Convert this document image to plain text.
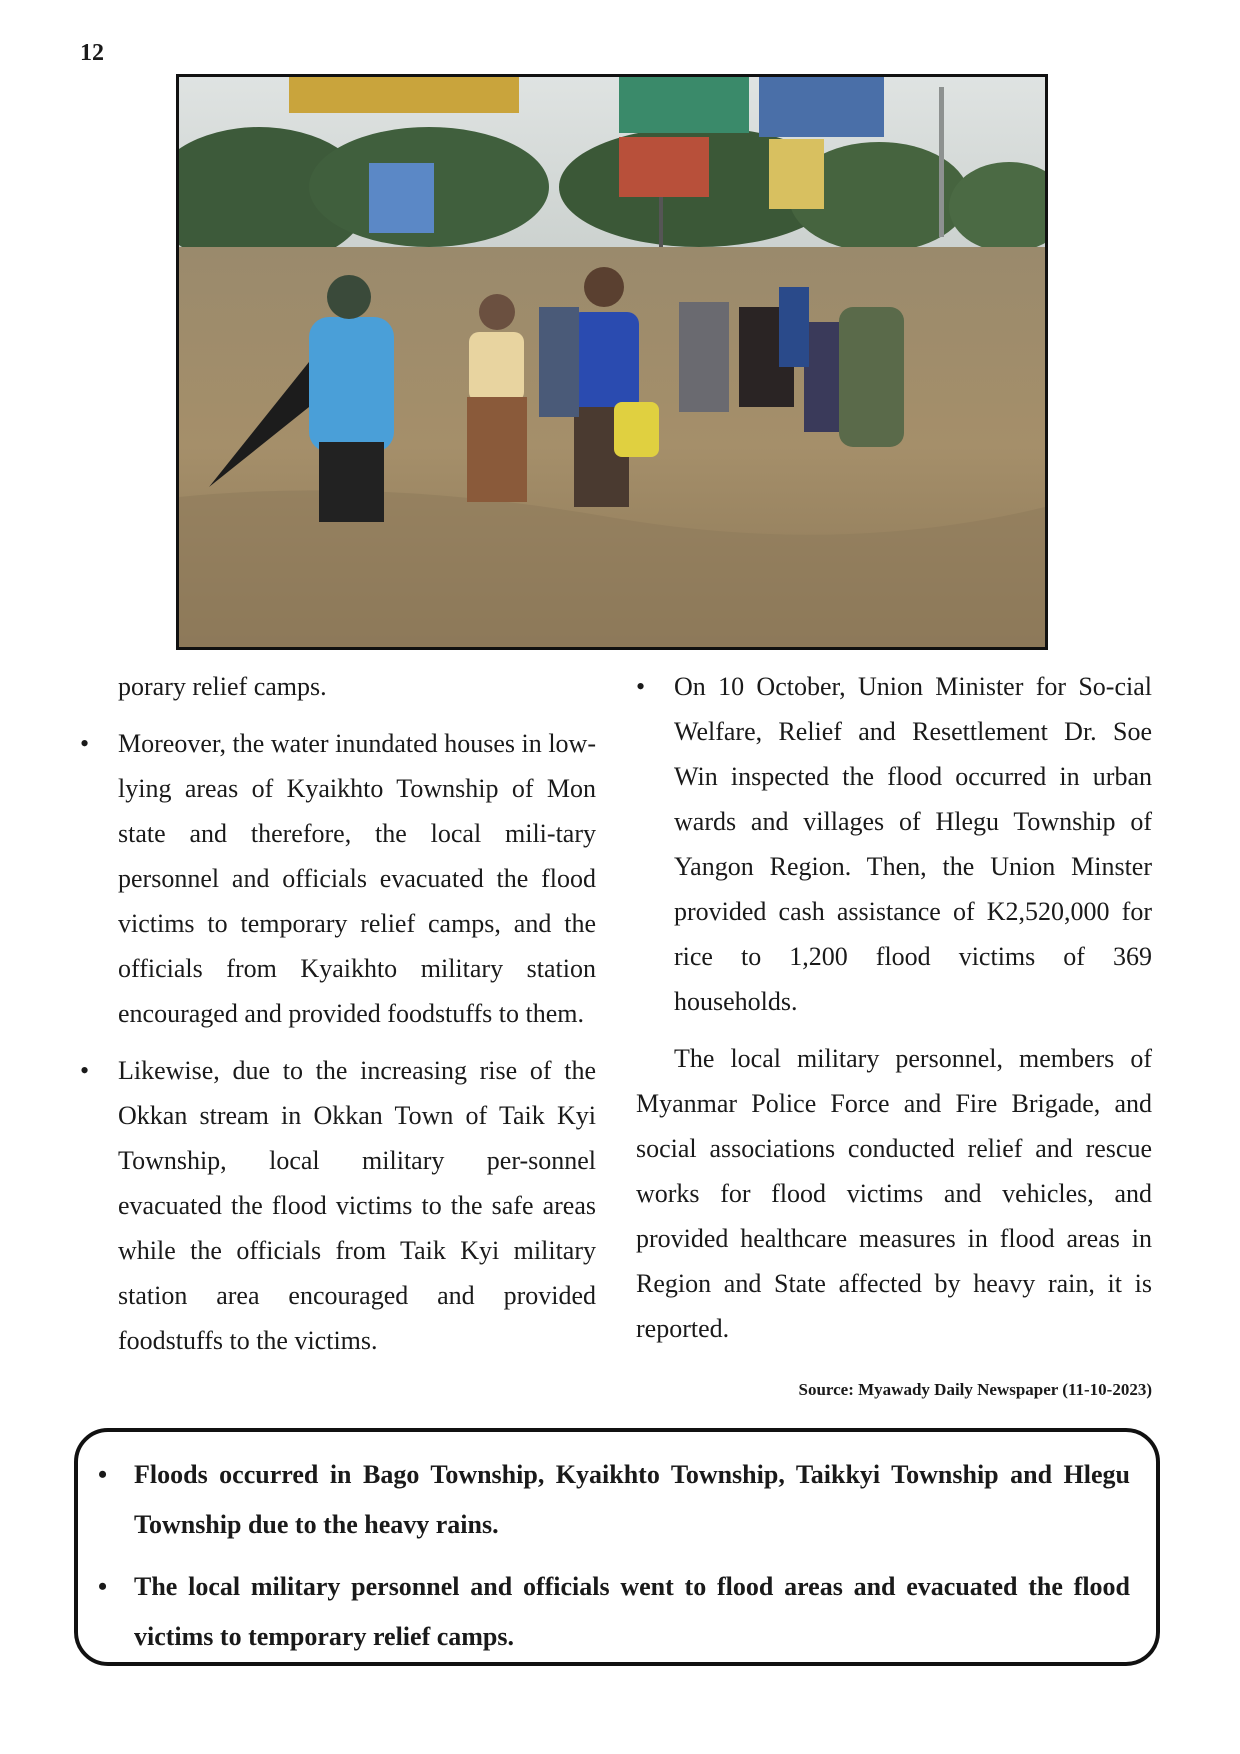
12

porary relief camps.

• Moreover, the water inundated houses in low-lying areas of Kyaikhto Township of Mon state and therefore, the local mili-tary personnel and officials evacuated the flood victims to temporary relief camps, and the officials from Kyaikhto military station encouraged and provided foodstuffs to them.

• Likewise, due to the increasing rise of the Okkan stream in Okkan Town of Taik Kyi Township, local military per-sonnel evacuated the flood victims to the safe areas while the officials from Taik Kyi military station area encouraged and provided foodstuffs to the victims.

• On 10 October, Union Minister for So-cial Welfare, Relief and Resettlement Dr. Soe Win inspected the flood occurred in urban wards and villages of Hlegu Township of Yangon Region. Then, the Union Minster provided cash assistance of K2,520,000 for rice to 1,200 flood victims of 369 households.

The local military personnel, members of Myanmar Police Force and Fire Brigade, and social associations conducted relief and rescue works for flood victims and vehicles, and provided healthcare measures in flood areas in Region and State affected by heavy rain, it is reported.

Source: Myawady Daily Newspaper (11-10-2023)

• Floods occurred in Bago Township, Kyaikhto Township, Taikkyi Township and Hlegu Township due to the heavy rains.

• The local military personnel and officials went to flood areas and evacuated the flood victims to temporary relief camps.
